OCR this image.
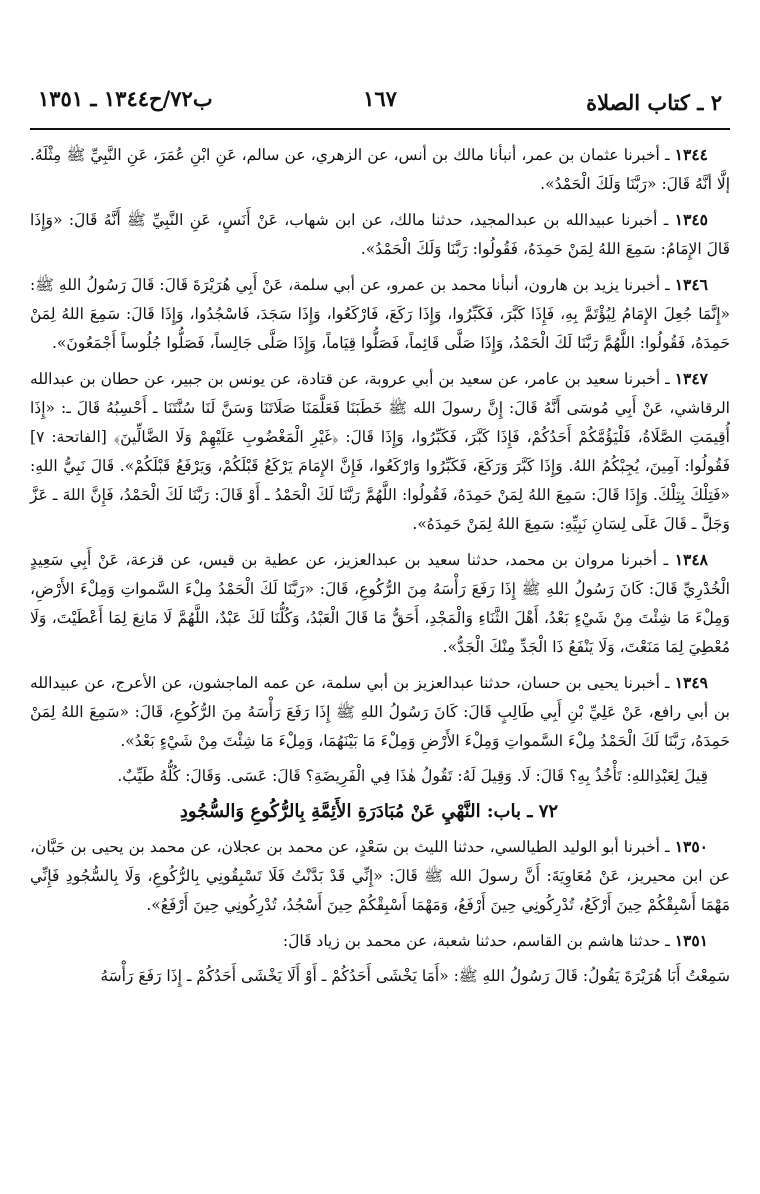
٢ ـ كتاب الصلاة
١٦٧
ب٧٢/ح١٣٤٤ ـ ١٣٥١

١٣٤٤ ـ أخبرنا عثمان بن عمر، أنبأنا مالك بن أنس، عن الزهري، عن سالم، عَنِ ابْنِ عُمَرَ، عَنِ النَّبِيِّ ﷺ مِثْلَهُ. إلَّا أنَّهُ قَالَ: «رَبَّنَا وَلَكَ الْحَمْدُ».

١٣٤٥ ـ أخبرنا عبيدالله بن عبدالمجيد، حدثنا مالك، عن ابن شهاب، عَنْ أَنَسٍ، عَنِ النَّبِيِّ ﷺ أَنَّهُ قَالَ: «وَإِذَا قَالَ الإِمَامُ: سَمِعَ اللهُ لِمَنْ حَمِدَهُ، فَقُولُوا: رَبَّنَا وَلَكَ الْحَمْدُ».

١٣٤٦ ـ أخبرنا يزيد بن هارون، أنبأنا محمد بن عمرو، عن أبي سلمة، عَنْ أَبِي هُرَيْرَةَ قَالَ: قَالَ رَسُولُ اللهِ ﷺ: «إِنَّمَا جُعِلَ الإِمَامُ لِيُؤْتَمَّ بِهِ، فَإِذَا كَبَّرَ، فَكَبِّرُوا، وَإِذَا رَكَعَ، فَارْكَعُوا، وَإِذَا سَجَدَ، فَاسْجُدُوا، وَإِذَا قَالَ: سَمِعَ اللهُ لِمَنْ حَمِدَهُ، فَقُولُوا: اللَّهُمَّ رَبَّنَا لَكَ الْحَمْدُ، وَإِذَا صَلَّى قَائِماً، فَصَلُّوا قِيَاماً، وَإِذَا صَلَّى جَالِساً، فَصَلُّوا جُلُوساً أَجْمَعُونَ».

١٣٤٧ ـ أخبرنا سعيد بن عامر، عن سعيد بن أبي عروبة، عن قتادة، عن يونس بن جبير، عن حطان بن عبدالله الرقاشي، عَنْ أَبِي مُوسَى أَنَّهُ قَالَ: إِنَّ رسولَ الله ﷺ خَطَبَنَا فَعَلَّمَنَا صَلَاتَنَا وَسَنَّ لَنَا سُنَّتَنَا ـ أَحْسِبُهُ قَالَ ـ: «إِذَا أُقِيمَتِ الصَّلَاةُ، فَلْيَؤُمَّكُمْ أَحَدُكُمْ، فَإِذَا كَبَّرَ، فَكَبِّرُوا، وَإِذَا قَالَ: ﴿غَيْرِ الْمَغْضُوبِ عَلَيْهِمْ وَلَا الضَّالِّينَ﴾ [الفاتحة: ٧] فَقُولُوا: آمِينَ، يُجِبْكُمُ اللهُ. وَإِذَا كَبَّرَ وَرَكَعَ، فَكَبِّرُوا وَارْكَعُوا، فَإِنَّ الإِمَامَ يَرْكَعُ قَبْلَكُمْ، وَيَرْفَعُ قَبْلَكُمْ». قَالَ نَبِيُّ اللهِ: «فَتِلْكَ بِتِلْكَ. وَإِذَا قَالَ: سَمِعَ اللهُ لِمَنْ حَمِدَهُ، فَقُولُوا: اللَّهُمَّ رَبَّنَا لَكَ الْحَمْدُ ـ أَوْ قَالَ: رَبَّنَا لَكَ الْحَمْدُ، فَإِنَّ اللهَ ـ عَزَّ وَجَلَّ ـ قَالَ عَلَى لِسَانِ نَبِيِّهِ: سَمِعَ اللهُ لِمَنْ حَمِدَهُ».

١٣٤٨ ـ أخبرنا مروان بن محمد، حدثنا سعيد بن عبدالعزيز، عن عطية بن قيس، عن قزعة، عَنْ أَبِي سَعِيدٍ الْخُدْرِيِّ قَالَ: كَانَ رَسُولُ اللهِ ﷺ إِذَا رَفَعَ رَأْسَهُ مِنَ الرُّكُوعِ، قَالَ: «رَبَّنَا لَكَ الْحَمْدُ مِلْءَ السَّمواتِ وَمِلْءَ الأَرْضِ، وَمِلْءَ مَا شِئْتَ مِنْ شَيْءٍ بَعْدُ، أَهْلَ الثَّنَاءِ وَالْمَجْدِ، أَحَقُّ مَا قَالَ الْعَبْدُ، وَكُلُّنَا لَكَ عَبْدٌ، اللَّهُمَّ لَا مَانِعَ لِمَا أَعْطَيْتَ، وَلَا مُعْطِيَ لِمَا مَنَعْتَ، وَلَا يَنْفَعُ ذَا الْجَدِّ مِنْكَ الْجَدُّ».

١٣٤٩ ـ أخبرنا يحيى بن حسان، حدثنا عبدالعزيز بن أبي سلمة، عن عمه الماجشون، عن الأعرج، عن عبيدالله بن أبي رافع، عَنْ عَلِيِّ بْنِ أَبِي طَالِبٍ قَالَ: كَانَ رَسُولُ اللهِ ﷺ إِذَا رَفَعَ رَأْسَهُ مِنَ الرُّكُوعِ، قَالَ: «سَمِعَ اللهُ لِمَنْ حَمِدَهُ، رَبَّنَا لَكَ الْحَمْدُ مِلْءَ السَّمواتِ وَمِلْءَ الأَرْضِ وَمِلْءَ مَا بَيْنَهُمَا، وَمِلْءَ مَا شِئْتَ مِنْ شَيْءٍ بَعْدُ».

قِيلَ لِعَبْدِاللهِ: تَأْخُذُ بِهِ؟ قَالَ: لَا. وَقِيلَ لَهُ: تَقُولُ هٰذَا فِي الْفَرِيضَةِ؟ قَالَ: عَسَى. وَقَالَ: كُلُّهُ طَيِّبٌ.

٧٢ ـ باب: النَّهْيِ عَنْ مُبَادَرَةِ الأَئِمَّةِ بِالرُّكُوعِ وَالسُّجُودِ

١٣٥٠ ـ أخبرنا أبو الوليد الطيالسي، حدثنا الليث بن سَعْدٍ، عن محمد بن عجلان، عن محمد بن يحيى بن حَبَّان، عن ابن محيريز، عَنْ مُعَاوِيَةَ: أَنَّ رسولَ الله ﷺ قَالَ: «إِنِّي قَدْ بَدَّنْتُ فَلَا تَسْبِقُونِي بِالرُّكُوعِ، وَلَا بِالسُّجُودِ فَإِنِّي مَهْمَا أَسْبِقْكُمْ حِينَ أَرْكَعُ، تُدْرِكُونِي حِينَ أَرْفَعُ، وَمَهْمَا أَسْبِقْكُمْ حِينَ أَسْجُدُ، تُدْرِكُونِي حِينَ أَرْفَعُ».

١٣٥١ ـ حدثنا هاشم بن القاسم، حدثنا شعبة، عن محمد بن زياد قَالَ:

سَمِعْتُ أَبَا هُرَيْرَةَ يَقُولُ: قَالَ رَسُولُ اللهِ ﷺ: «أَمَا يَخْشَى أَحَدُكُمْ ـ أَوْ أَلَا يَخْشَى أَحَدُكُمْ ـ إِذَا رَفَعَ رَأْسَهُ
